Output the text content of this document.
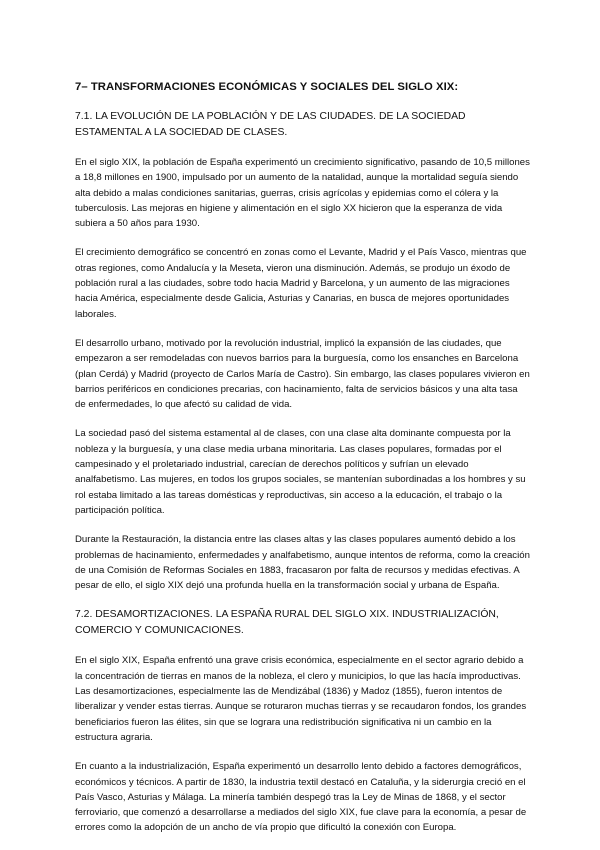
7– TRANSFORMACIONES ECONÓMICAS Y SOCIALES DEL SIGLO XIX:
7.1. LA EVOLUCIÓN DE LA POBLACIÓN Y DE LAS CIUDADES. DE LA SOCIEDAD ESTAMENTAL A LA SOCIEDAD DE CLASES.

En el siglo XIX, la población de España experimentó un crecimiento significativo, pasando de 10,5 millones a 18,8 millones en 1900, impulsado por un aumento de la natalidad, aunque la mortalidad seguía siendo alta debido a malas condiciones sanitarias, guerras, crisis agrícolas y epidemias como el cólera y la tuberculosis. Las mejoras en higiene y alimentación en el siglo XX hicieron que la esperanza de vida subiera a 50 años para 1930.

El crecimiento demográfico se concentró en zonas como el Levante, Madrid y el País Vasco, mientras que otras regiones, como Andalucía y la Meseta, vieron una disminución. Además, se produjo un éxodo de población rural a las ciudades, sobre todo hacia Madrid y Barcelona, y un aumento de las migraciones hacia América, especialmente desde Galicia, Asturias y Canarias, en busca de mejores oportunidades laborales.

El desarrollo urbano, motivado por la revolución industrial, implicó la expansión de las ciudades, que empezaron a ser remodeladas con nuevos barrios para la burguesía, como los ensanches en Barcelona (plan Cerdá) y Madrid (proyecto de Carlos María de Castro). Sin embargo, las clases populares vivieron en barrios periféricos en condiciones precarias, con hacinamiento, falta de servicios básicos y una alta tasa de enfermedades, lo que afectó su calidad de vida.

La sociedad pasó del sistema estamental al de clases, con una clase alta dominante compuesta por la nobleza y la burguesía, y una clase media urbana minoritaria. Las clases populares, formadas por el campesinado y el proletariado industrial, carecían de derechos políticos y sufrían un elevado analfabetismo. Las mujeres, en todos los grupos sociales, se mantenían subordinadas a los hombres y su rol estaba limitado a las tareas domésticas y reproductivas, sin acceso a la educación, el trabajo o la participación política.

Durante la Restauración, la distancia entre las clases altas y las clases populares aumentó debido a los problemas de hacinamiento, enfermedades y analfabetismo, aunque intentos de reforma, como la creación de una Comisión de Reformas Sociales en 1883, fracasaron por falta de recursos y medidas efectivas. A pesar de ello, el siglo XIX dejó una profunda huella en la transformación social y urbana de España.

7.2. DESAMORTIZACIONES. LA ESPAÑA RURAL DEL SIGLO XIX. INDUSTRIALIZACIÓN, COMERCIO Y COMUNICACIONES.

En el siglo XIX, España enfrentó una grave crisis económica, especialmente en el sector agrario debido a la concentración de tierras en manos de la nobleza, el clero y municipios, lo que las hacía improductivas. Las desamortizaciones, especialmente las de Mendizábal (1836) y Madoz (1855), fueron intentos de liberalizar y vender estas tierras. Aunque se roturaron muchas tierras y se recaudaron fondos, los grandes beneficiarios fueron las élites, sin que se lograra una redistribución significativa ni un cambio en la estructura agraria.

En cuanto a la industrialización, España experimentó un desarrollo lento debido a factores demográficos, económicos y técnicos. A partir de 1830, la industria textil destacó en Cataluña, y la siderurgia creció en el País Vasco, Asturias y Málaga. La minería también despegó tras la Ley de Minas de 1868, y el sector ferroviario, que comenzó a desarrollarse a mediados del siglo XIX, fue clave para la economía, a pesar de errores como la adopción de un ancho de vía propio que dificultó la conexión con Europa.
